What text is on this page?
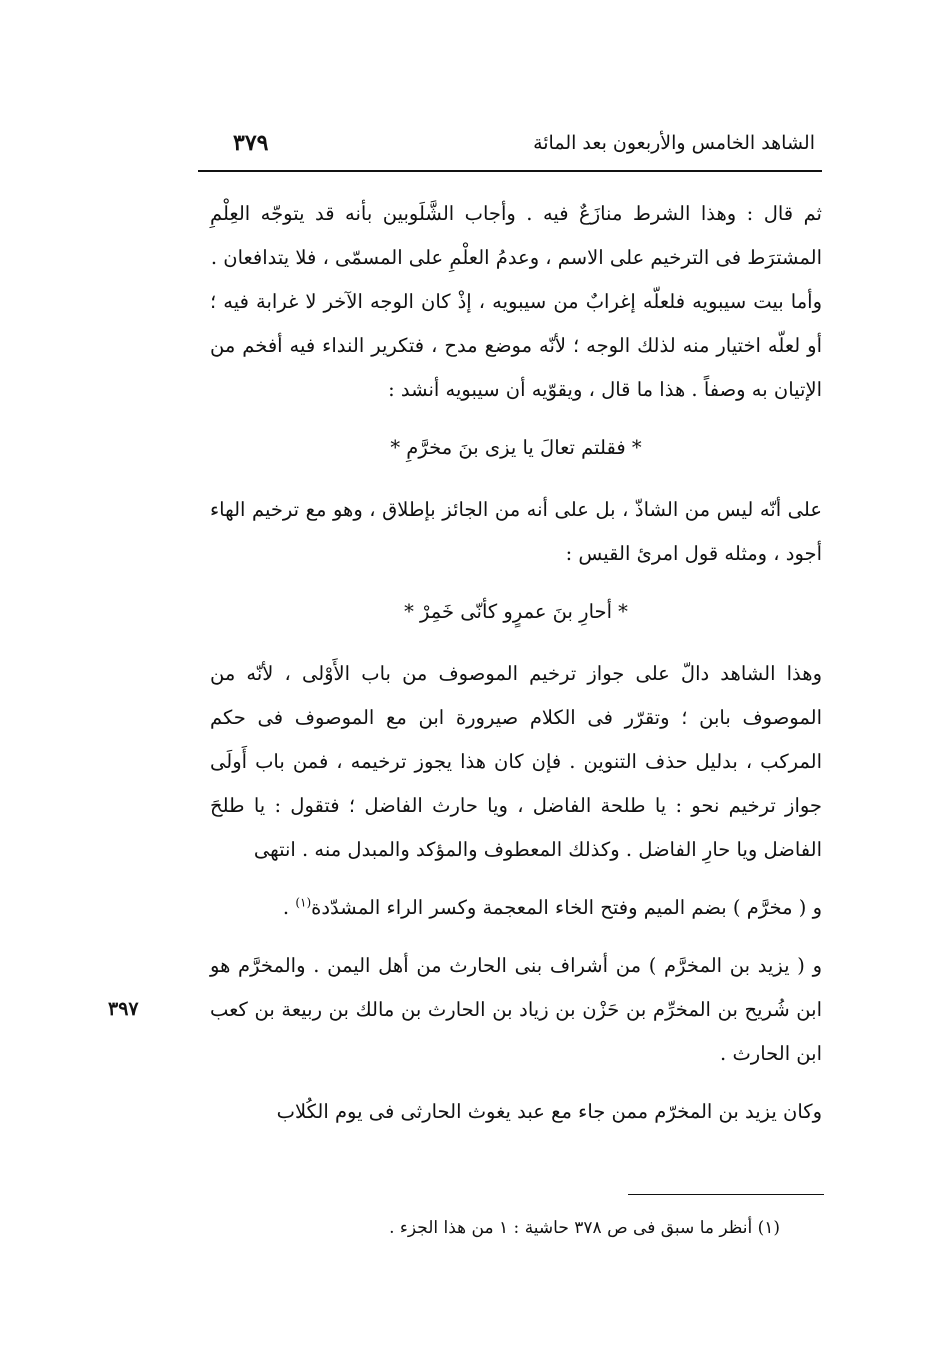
الشاهد الخامس والأربعون بعد المائة
٣٧٩

ثم قال : وهذا الشرط منازَعٌ فيه . وأجاب الشَّلَوبين بأنه قد يتوجّه العِلْمِ المشترَط فى الترخيم على الاسم ، وعدمُ العلْمِ على المسمّى ، فلا يتدافعان .

وأما بيت سيبويه فلعلّه إغرابٌ من سيبويه ، إذْ كان الوجه الآخر لا غرابة فيه ؛ أو لعلّه اختيار منه لذلك الوجه ؛ لأنّه موضع مدح ، فتكرير النداء فيه أفخم من الإتيان به وصفاً . هذا ما قال ، ويقوّيه أن سيبويه أنشد :

* فقلتم تعالَ يا يزى بنَ مخرَّمِ *

على أنّه ليس من الشاذّ ، بل على أنه من الجائز بإطلاق ، وهو مع ترخيم الهاء أجود ، ومثله قول امرئ القيس :

* أحارِ بنَ عمرٍو كأنّى خَمِرْ *

وهذا الشاهد دالّ على جواز ترخيم الموصوف من باب الأَوْلى ، لأنّه من الموصوف بابن ؛ وتقرّر فى الكلام صيرورة ابن مع الموصوف فى حكم المركب ، بدليل حذف التنوين . فإن كان هذا يجوز ترخيمه ، فمن باب أَولَى جواز ترخيم نحو : يا طلحة الفاضل ، ويا حارث الفاضل ؛ فتقول : يا طلحَ الفاضل ويا حارِ الفاضل . وكذلك المعطوف والمؤكد والمبدل منه . انتهى

و ( مخرَّم ) بضم الميم وفتح الخاء المعجمة وكسر الراء المشدّدة$^{(١)}$ .

و ( يزيد بن المخرَّم ) من أشراف بنى الحارث من أهل اليمن . والمخرَّم هو ابن شُريح بن المخرِّم بن حَزْن بن زياد بن الحارث بن مالك بن ربيعة بن كعب ابن الحارث .

وكان يزيد بن المخرّم ممن جاء مع عبد يغوث الحارثى فى يوم الكُلاب

٣٩٧
(١) أنظر ما سبق فى ص ٣٧٨ حاشية : ١ من هذا الجزء .
